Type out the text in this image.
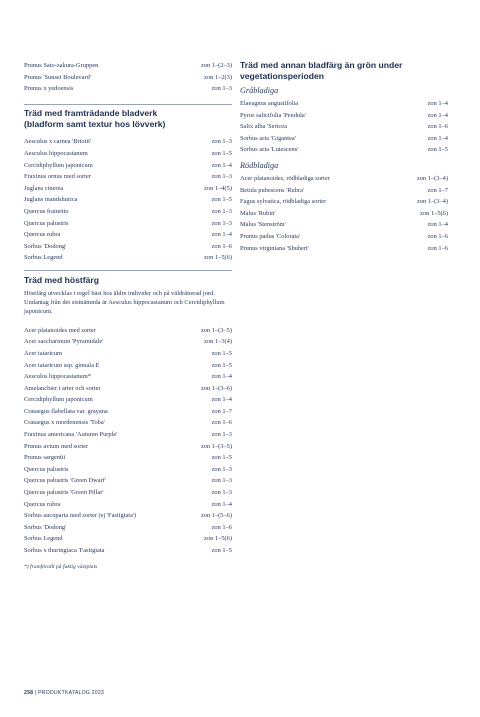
Prunus Sato-zakura-Gruppen	zon 1–(2–3)
Prunus 'Sunset Boulevard'	zon 1–2(3)
Prunus x yedoensis	zon 1–3
Träd med framträdande bladverk
(bladform samt textur hos lövverk)
Aesculus x carnea 'Briotii'	zon 1–3
Aesculus hippocastanum	zon 1–5
Cercidiphyllum japonicum	zon 1–4
Fraxinus ornus med sorter	zon 1–3
Juglans cinerea	zon 1–4(5)
Juglans mandshurica	zon 1–5
Quercus frainetto	zon 1–3
Quercus palustris	zon 1–3
Quercus rubra	zon 1–4
Sorbus 'Dodong'	zon 1–6
Sorbus Legend	zon 1–5(6)
Träd med höstfärg

Höstfärg utvecklas i regel bäst hos äldre individer och på väldränerad jord. Undantag från det sistnämnda är Aesculus hippocastanum och Cercidiphyllum japonicum.

Acer platanoides med sorter	zon 1–(3–5)
Acer saccharinum 'Pyramidale'	zon 1–3(4)
Acer tataricum	zon 1–5
Acer tataricum ssp. ginnala E	zon 1–5
Aesculus hippocastanum*	zon 1–4
Amelanchier i arter och sorter	zon 1–(3–6)
Cercidiphyllum japonicum	zon 1–4
Crataegus flabellata var. grayana	zon 1–7
Crataegus x mordenensis 'Toba'	zon 1–6
Fraxinus americana 'Autumn Purple'	zon 1–3
Prunus avium med sorter	zon 1–(3–5)
Prunus sargentii	zon 1–5
Quercus palustris	zon 1–3
Quercus palustris 'Green Dwarf'	zon 1–3
Quercus palustris 'Green Pillar'	zon 1–3
Quercus rubra	zon 1–4
Sorbus aucuparia med sorter (ej 'Fastigiata')	zon 1–(5–6)
Sorbus 'Dodong'	zon 1–6
Sorbus Legend	zon 1–5(6)
Sorbus x thuringiaca 'Fastigiata	zon 1–5
*) framförallt på fuktig växtplats
Träd med annan bladfärg än grön under
vegetationsperioden
Gråbladiga
Elaeagnus angustifolia	zon 1–4
Pyrus salicifolia 'Pendula'	zon 1–4
Salix alba 'Sericea	zon 1–6
Sorbus aria 'Gigantea'	zon 1–4
Sorbus aria 'Lutescens'	zon 1–5
Rödbladiga
Acer platanoides, rödbladiga sorter	zon 1–(3–4)
Betula pubescens 'Rubra'	zon 1–7
Fagus sylvatica, rödbladiga sorter	zon 1–(3–4)
Malus 'Rubin'	zon 1–5(6)
Malus 'Stenström'	zon 1–4
Prunus padus 'Colorata'	zon 1–6
Prunus virginiana 'Shubert'	zon 1–6
258 | PRODUKTKATALOG 2023
